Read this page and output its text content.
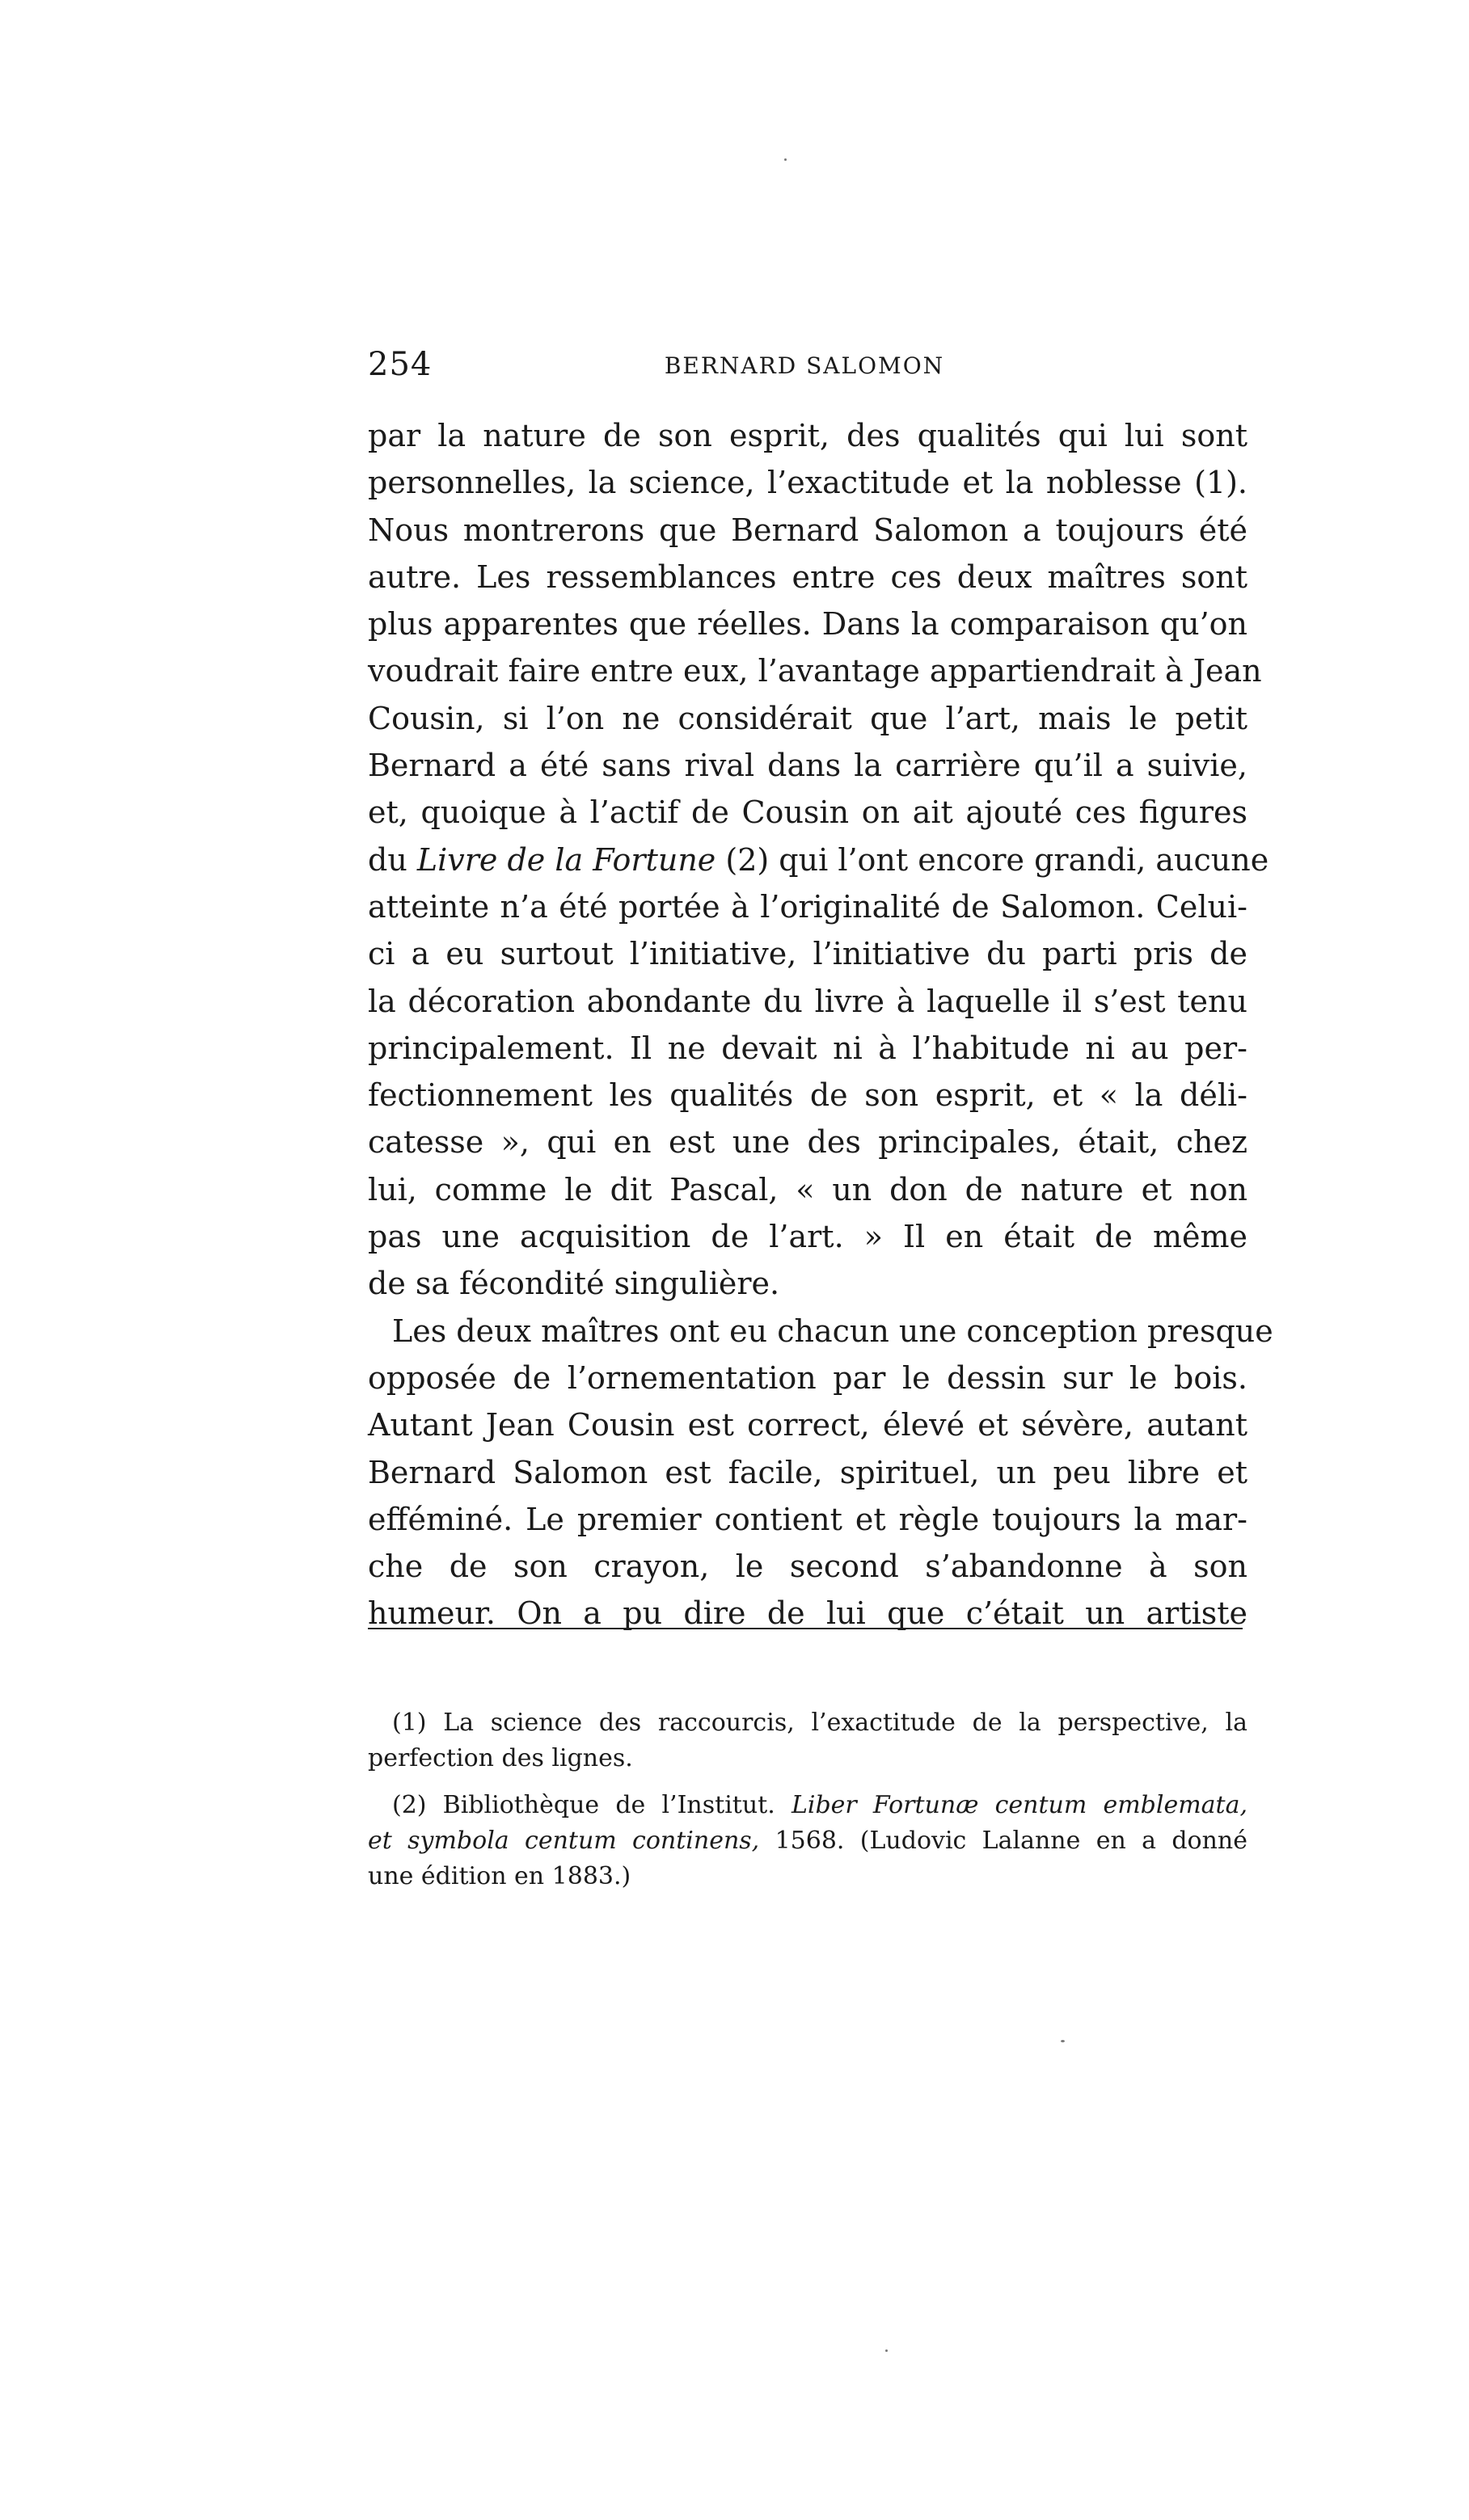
254	BERNARD SALOMON
par la nature de son esprit, des qualités qui lui sont
personnelles, la science, l’exactitude et la noblesse (1).
Nous montrerons que Bernard Salomon a toujours été
autre. Les ressemblances entre ces deux maîtres sont
plus apparentes que réelles. Dans la comparaison qu’on
voudrait faire entre eux, l’avantage appartiendrait à Jean
Cousin, si l’on ne considérait que l’art, mais le petit
Bernard a été sans rival dans la carrière qu’il a suivie,
et, quoique à l’actif de Cousin on ait ajouté ces figures
du Livre de la Fortune (2) qui l’ont encore grandi, aucune
atteinte n’a été portée à l’originalité de Salomon. Celui-
ci a eu surtout l’initiative, l’initiative du parti pris de
la décoration abondante du livre à laquelle il s’est tenu
principalement. Il ne devait ni à l’habitude ni au per-
fectionnement les qualités de son esprit, et « la déli-
catesse », qui en est une des principales, était, chez
lui, comme le dit Pascal, « un don de nature et non
pas une acquisition de l’art. » Il en était de même
de sa fécondité singulière.
Les deux maîtres ont eu chacun une conception presque
opposée de l’ornementation par le dessin sur le bois.
Autant Jean Cousin est correct, élevé et sévère, autant
Bernard Salomon est facile, spirituel, un peu libre et
efféminé. Le premier contient et règle toujours la mar-
che de son crayon, le second s’abandonne à son
humeur. On a pu dire de lui que c’était un artiste
(1) La science des raccourcis, l’exactitude de la perspective, la
perfection des lignes.
(2) Bibliothèque de l’Institut. Liber Fortunæ centum emblemata,
et symbola centum continens, 1568. (Ludovic Lalanne en a donné
une édition en 1883.)
